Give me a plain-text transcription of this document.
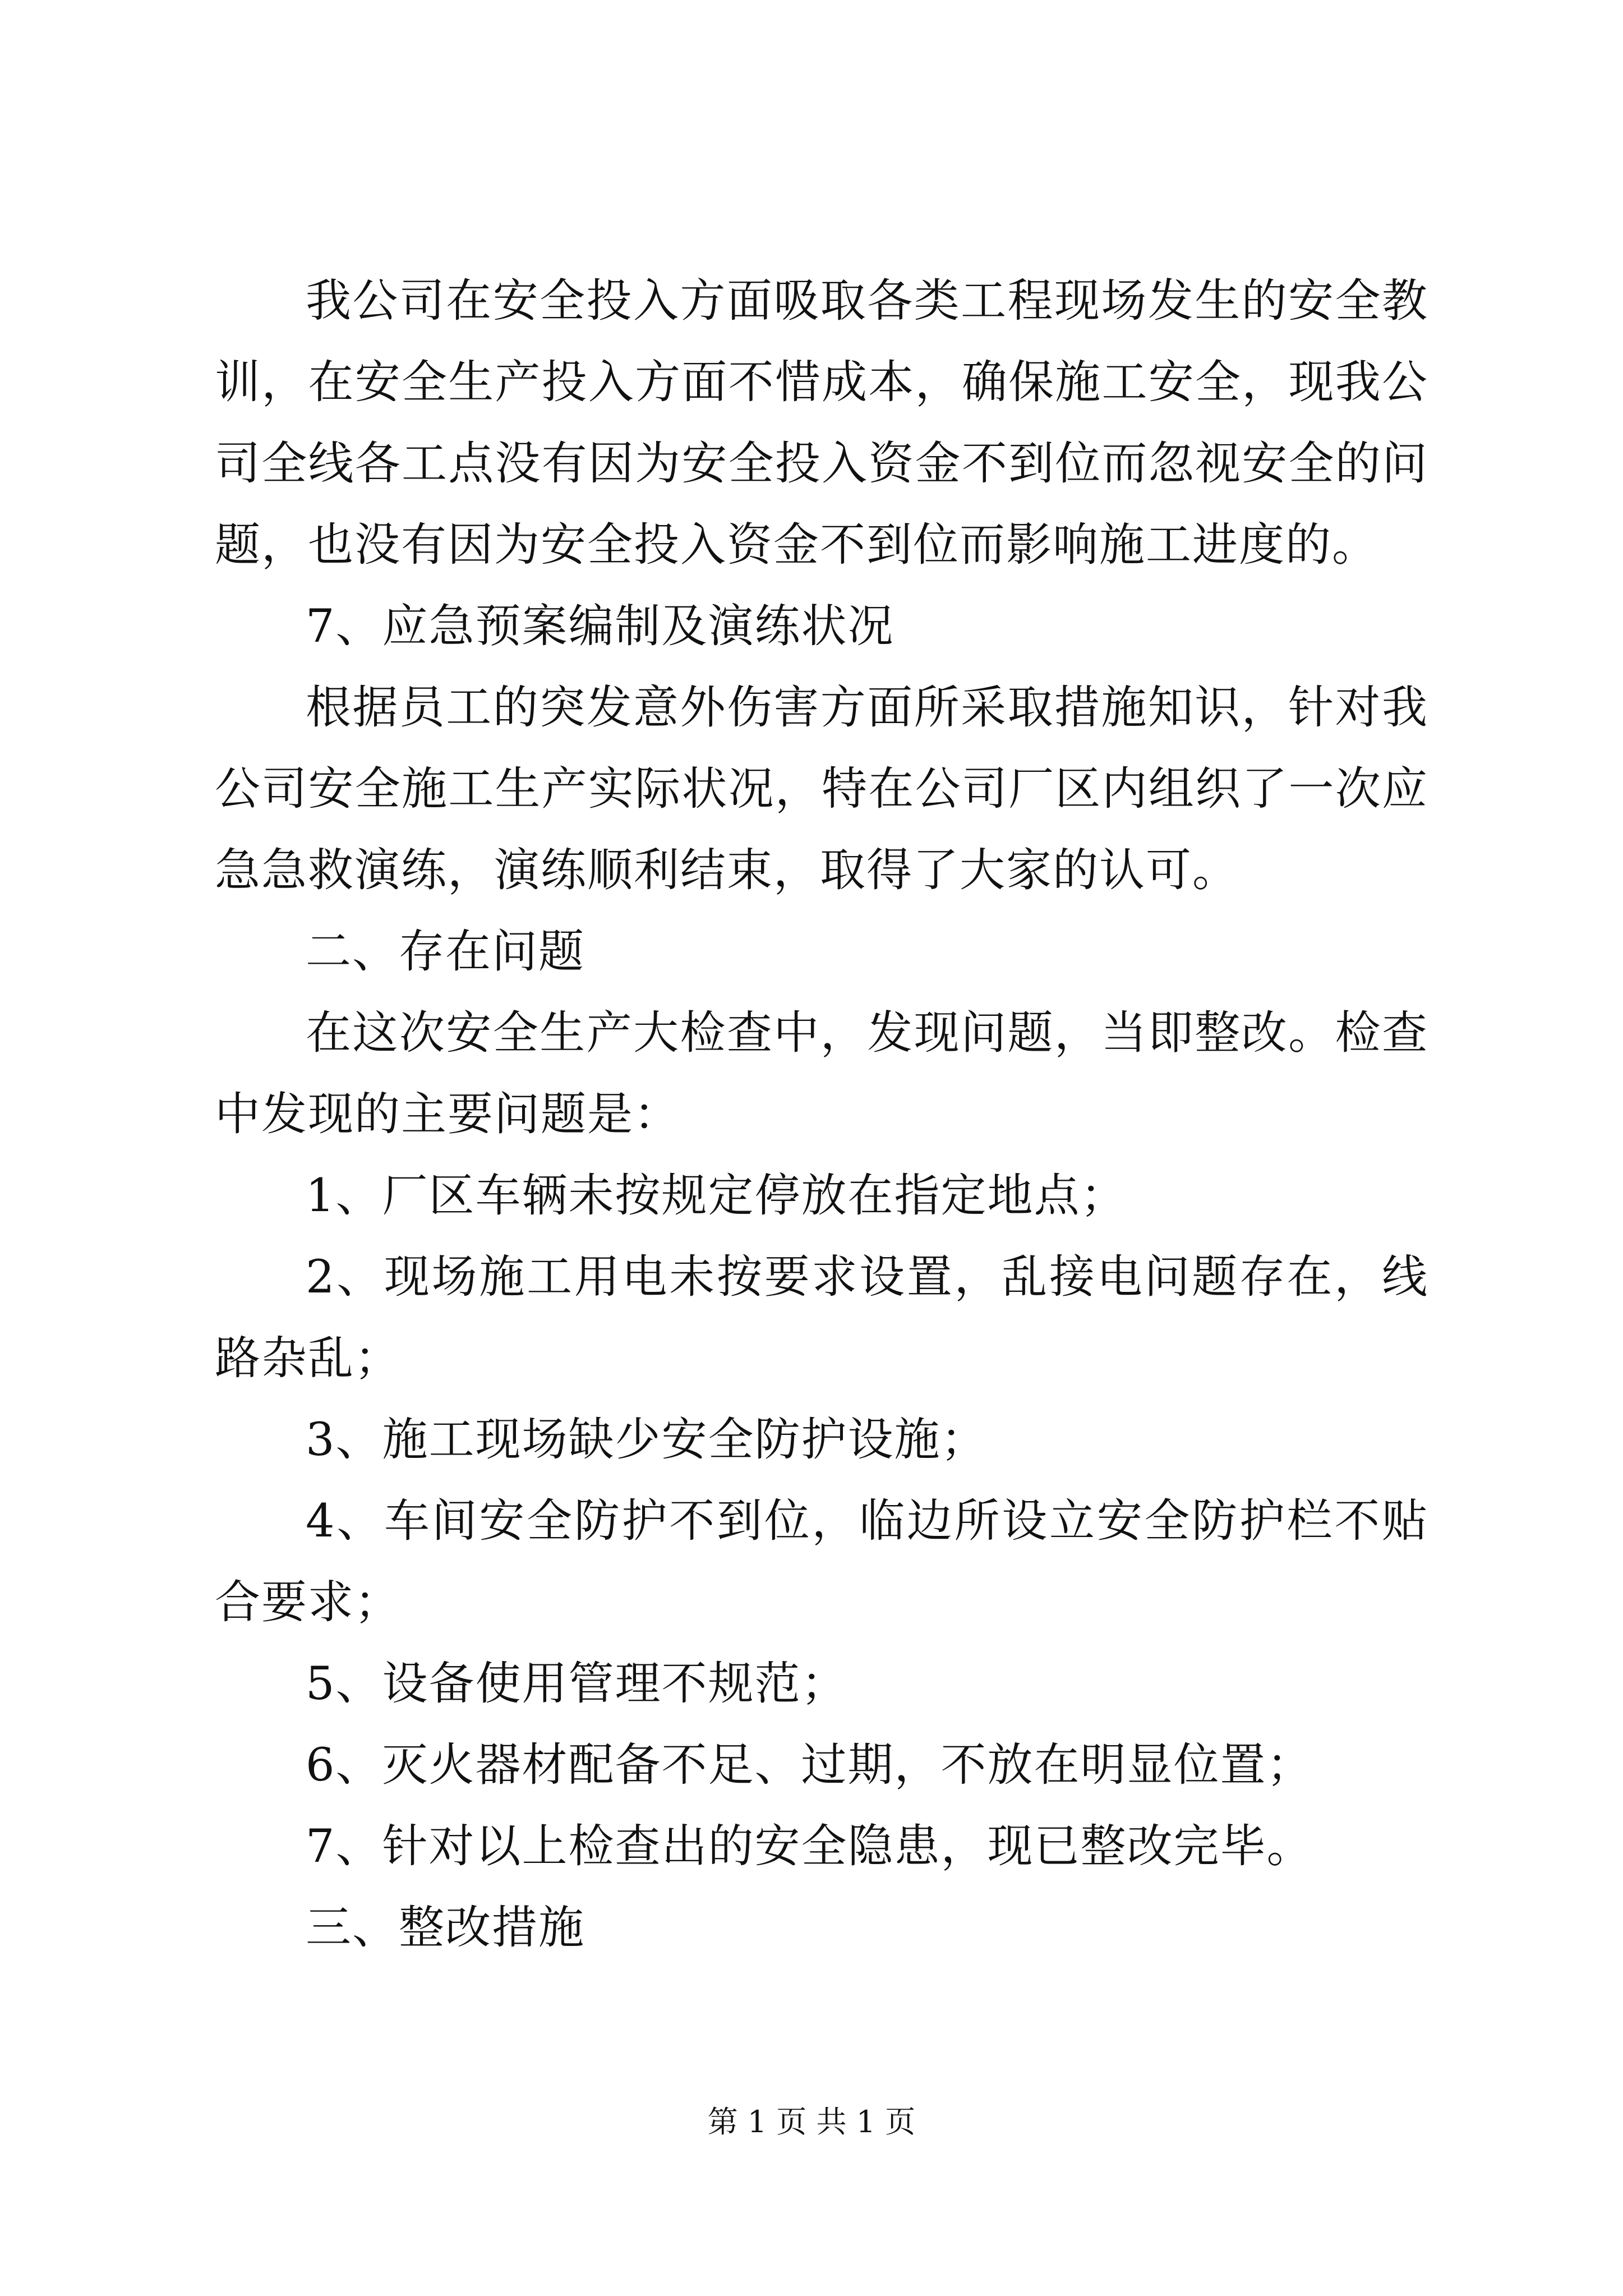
我公司在安全投入方面吸取各类工程现场发生的安全教训，在安全生产投入方面不惜成本，确保施工安全，现我公司全线各工点没有因为安全投入资金不到位而忽视安全的问题，也没有因为安全投入资金不到位而影响施工进度的。

7、应急预案编制及演练状况

根据员工的突发意外伤害方面所采取措施知识，针对我公司安全施工生产实际状况，特在公司厂区内组织了一次应急急救演练，演练顺利结束，取得了大家的认可。

二、存在问题

在这次安全生产大检查中，发现问题，当即整改。检查中发现的主要问题是：

1、厂区车辆未按规定停放在指定地点；

2、现场施工用电未按要求设置，乱接电问题存在，线路杂乱；

3、施工现场缺少安全防护设施；

4、车间安全防护不到位，临边所设立安全防护栏不贴合要求；

5、设备使用管理不规范；

6、灭火器材配备不足、过期，不放在明显位置；

7、针对以上检查出的安全隐患，现已整改完毕。

三、整改措施

第 1 页 共 1 页
